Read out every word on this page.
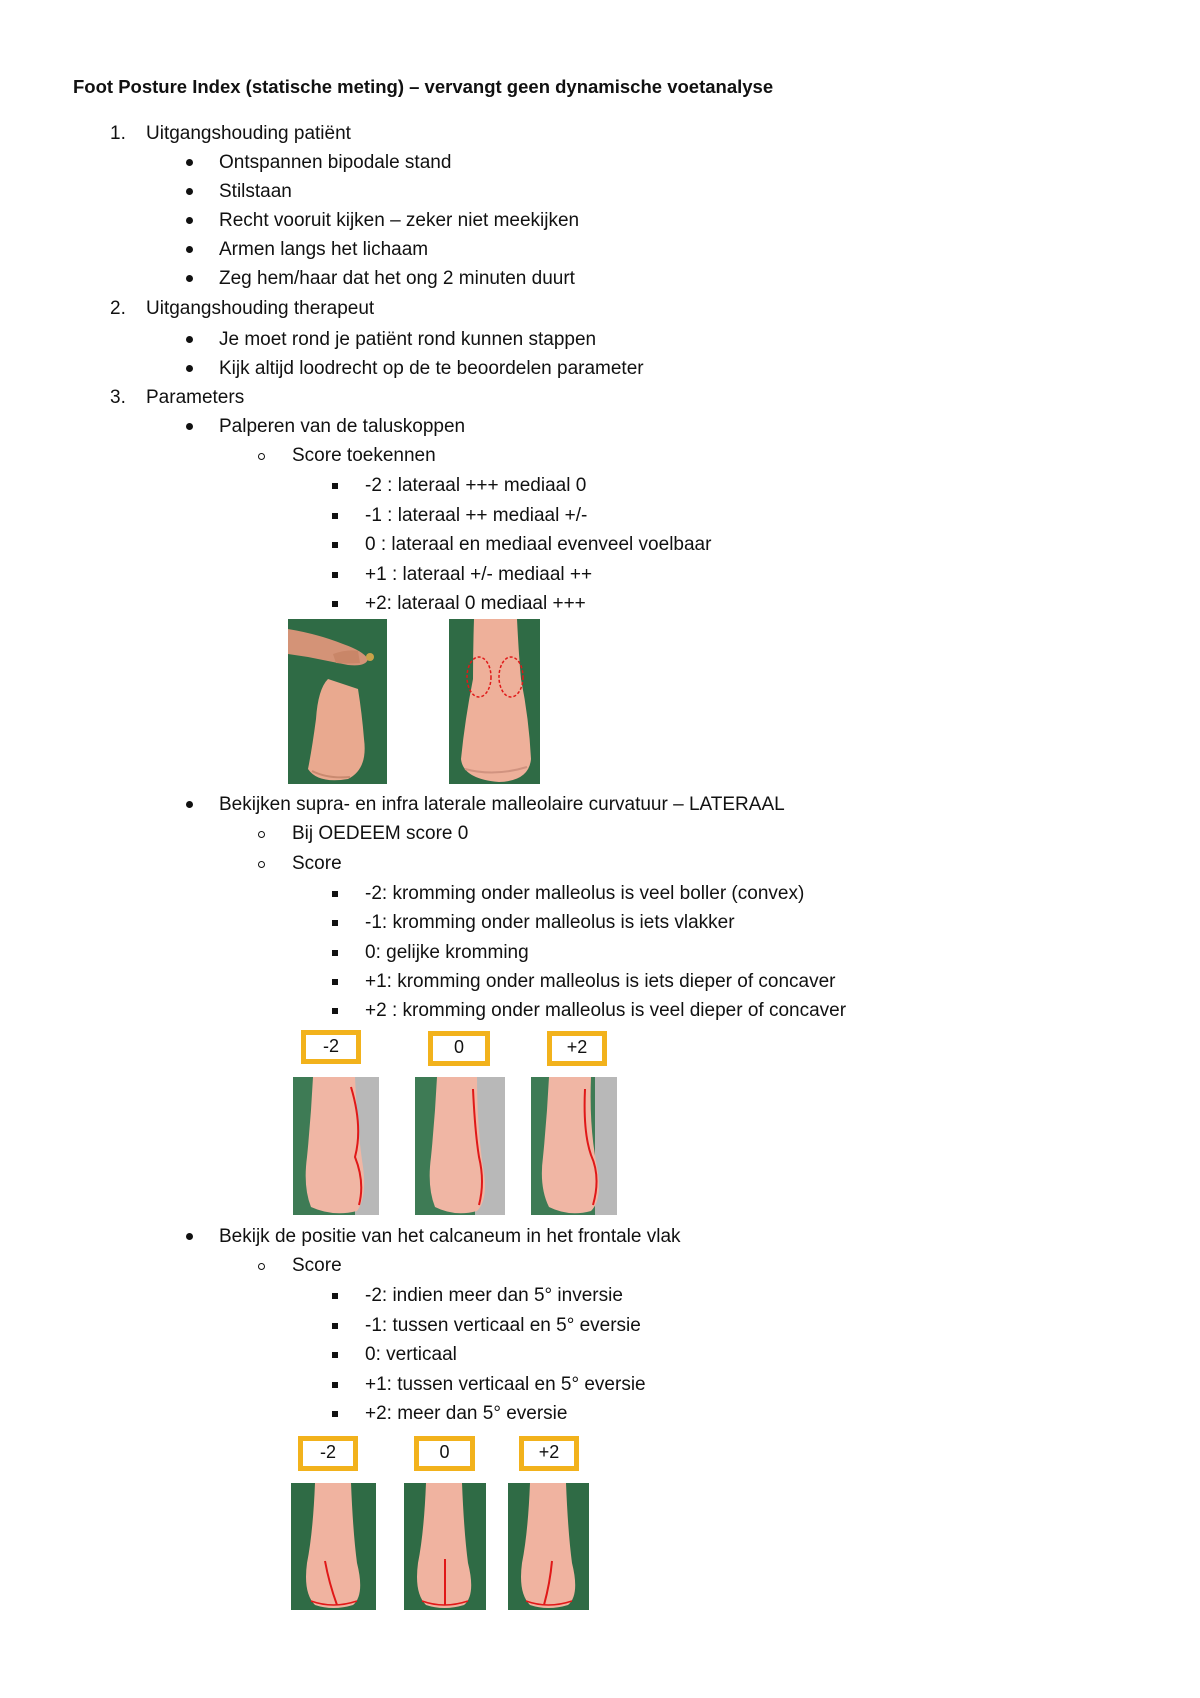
Foot Posture Index (statische meting) – vervangt geen dynamische voetanalyse
1. Uitgangshouding patiënt
Ontspannen bipodale stand
Stilstaan
Recht vooruit kijken – zeker niet meekijken
Armen langs het lichaam
Zeg hem/haar dat het ong 2 minuten duurt
2. Uitgangshouding therapeut
Je moet rond je patiënt rond kunnen stappen
Kijk altijd loodrecht op de te beoordelen parameter
3. Parameters
Palperen van de taluskoppen
Score toekennen
-2 : lateraal +++ mediaal 0
-1 : lateraal ++ mediaal +/-
0 : lateraal en mediaal evenveel voelbaar
+1 : lateraal +/- mediaal ++
+2: lateraal 0 mediaal +++
Bekijken supra- en infra laterale malleolaire curvatuur – LATERAAL
Bij OEDEEM score 0
Score
-2: kromming onder malleolus is veel boller (convex)
-1: kromming onder malleolus is iets vlakker
0: gelijke kromming
+1: kromming onder malleolus is iets dieper of concaver
+2 : kromming onder malleolus is veel dieper of concaver
-2	0	+2
Bekijk de positie van het calcaneum in het frontale vlak
Score
-2: indien meer dan 5° inversie
-1: tussen verticaal en 5° eversie
0: verticaal
+1: tussen verticaal en 5° eversie
+2: meer dan 5° eversie
-2	0	+2
